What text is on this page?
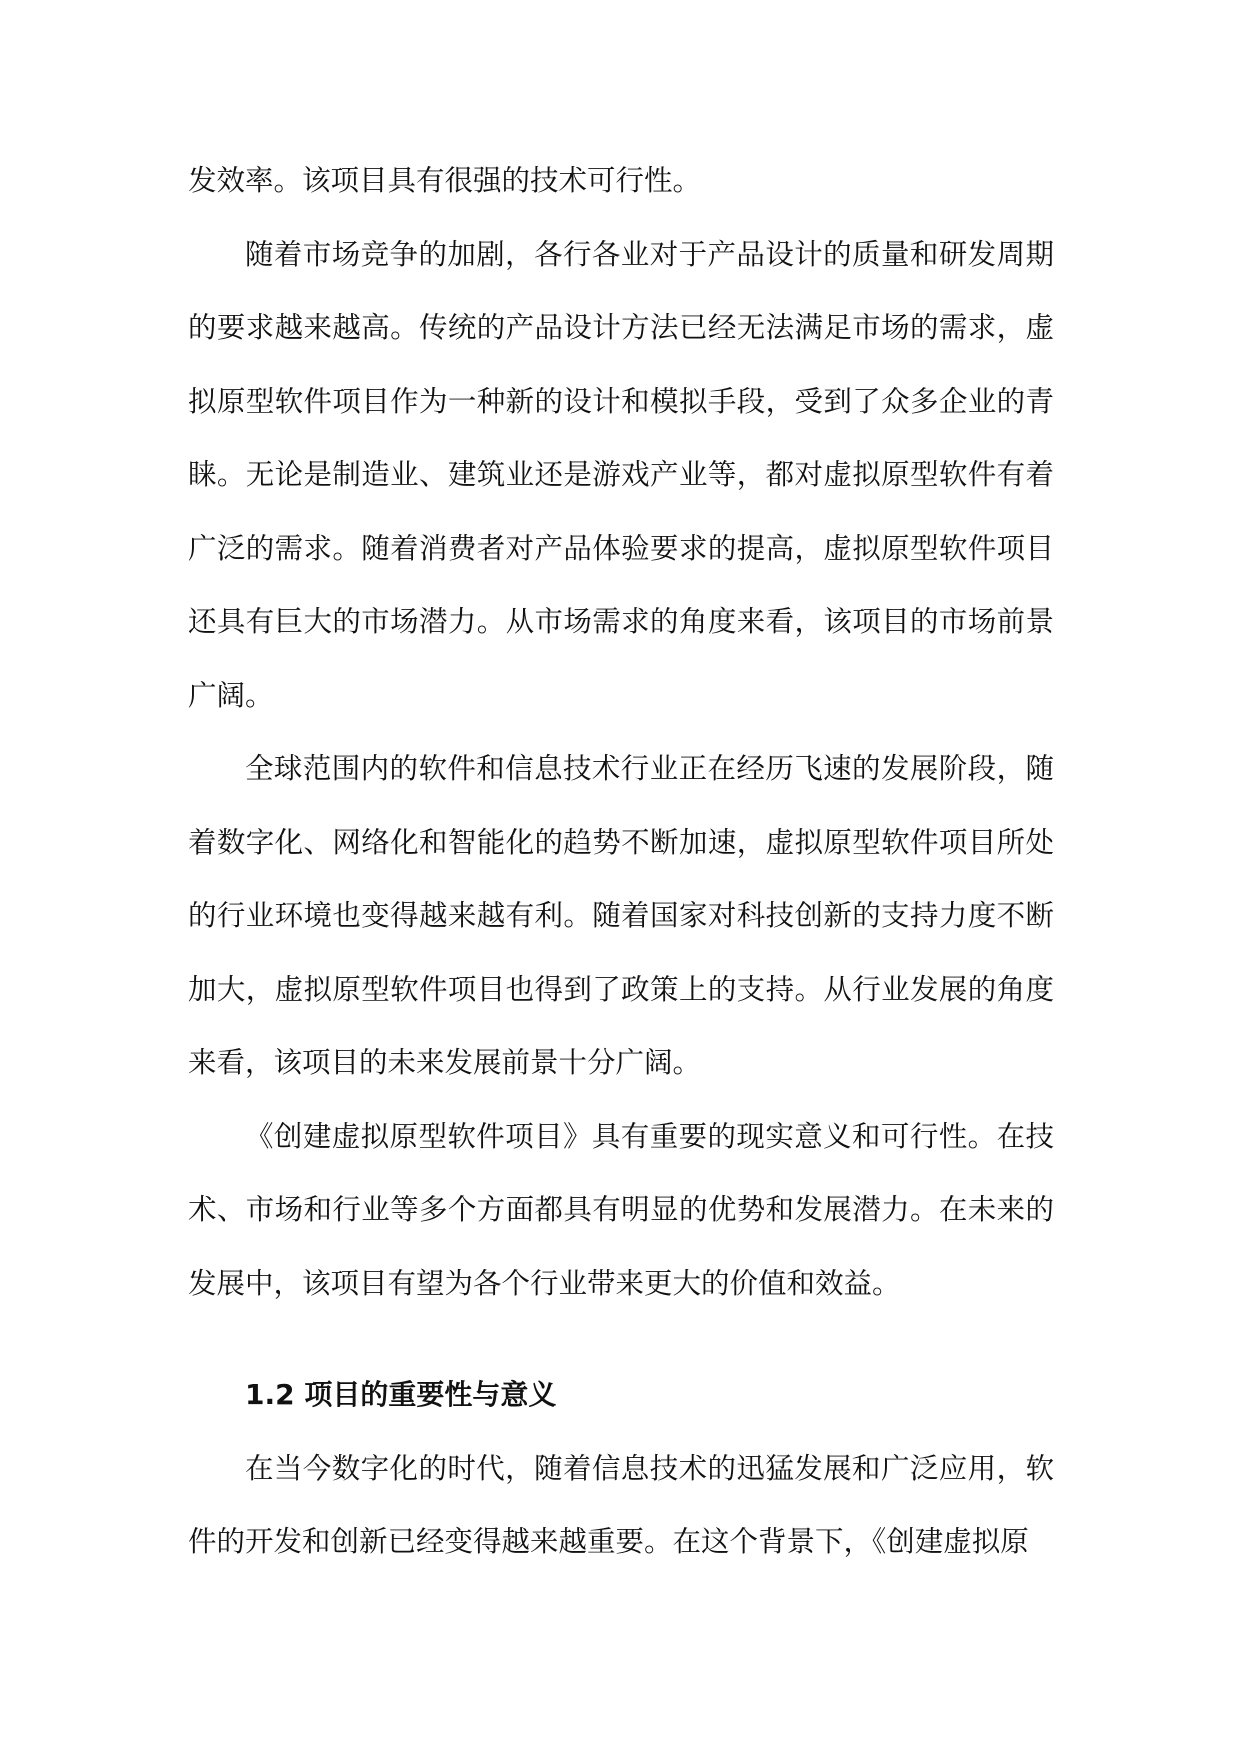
发效率。该项目具有很强的技术可行性。

随着市场竞争的加剧，各行各业对于产品设计的质量和研发周期的要求越来越高。传统的产品设计方法已经无法满足市场的需求，虚拟原型软件项目作为一种新的设计和模拟手段，受到了众多企业的青睐。无论是制造业、建筑业还是游戏产业等，都对虚拟原型软件有着广泛的需求。随着消费者对产品体验要求的提高，虚拟原型软件项目还具有巨大的市场潜力。从市场需求的角度来看，该项目的市场前景广阔。

全球范围内的软件和信息技术行业正在经历飞速的发展阶段，随着数字化、网络化和智能化的趋势不断加速，虚拟原型软件项目所处的行业环境也变得越来越有利。随着国家对科技创新的支持力度不断加大，虚拟原型软件项目也得到了政策上的支持。从行业发展的角度来看，该项目的未来发展前景十分广阔。

《创建虚拟原型软件项目》具有重要的现实意义和可行性。在技术、市场和行业等多个方面都具有明显的优势和发展潜力。在未来的发展中，该项目有望为各个行业带来更大的价值和效益。

1.2 项目的重要性与意义

在当今数字化的时代，随着信息技术的迅猛发展和广泛应用，软件的开发和创新已经变得越来越重要。在这个背景下，《创建虚拟原
